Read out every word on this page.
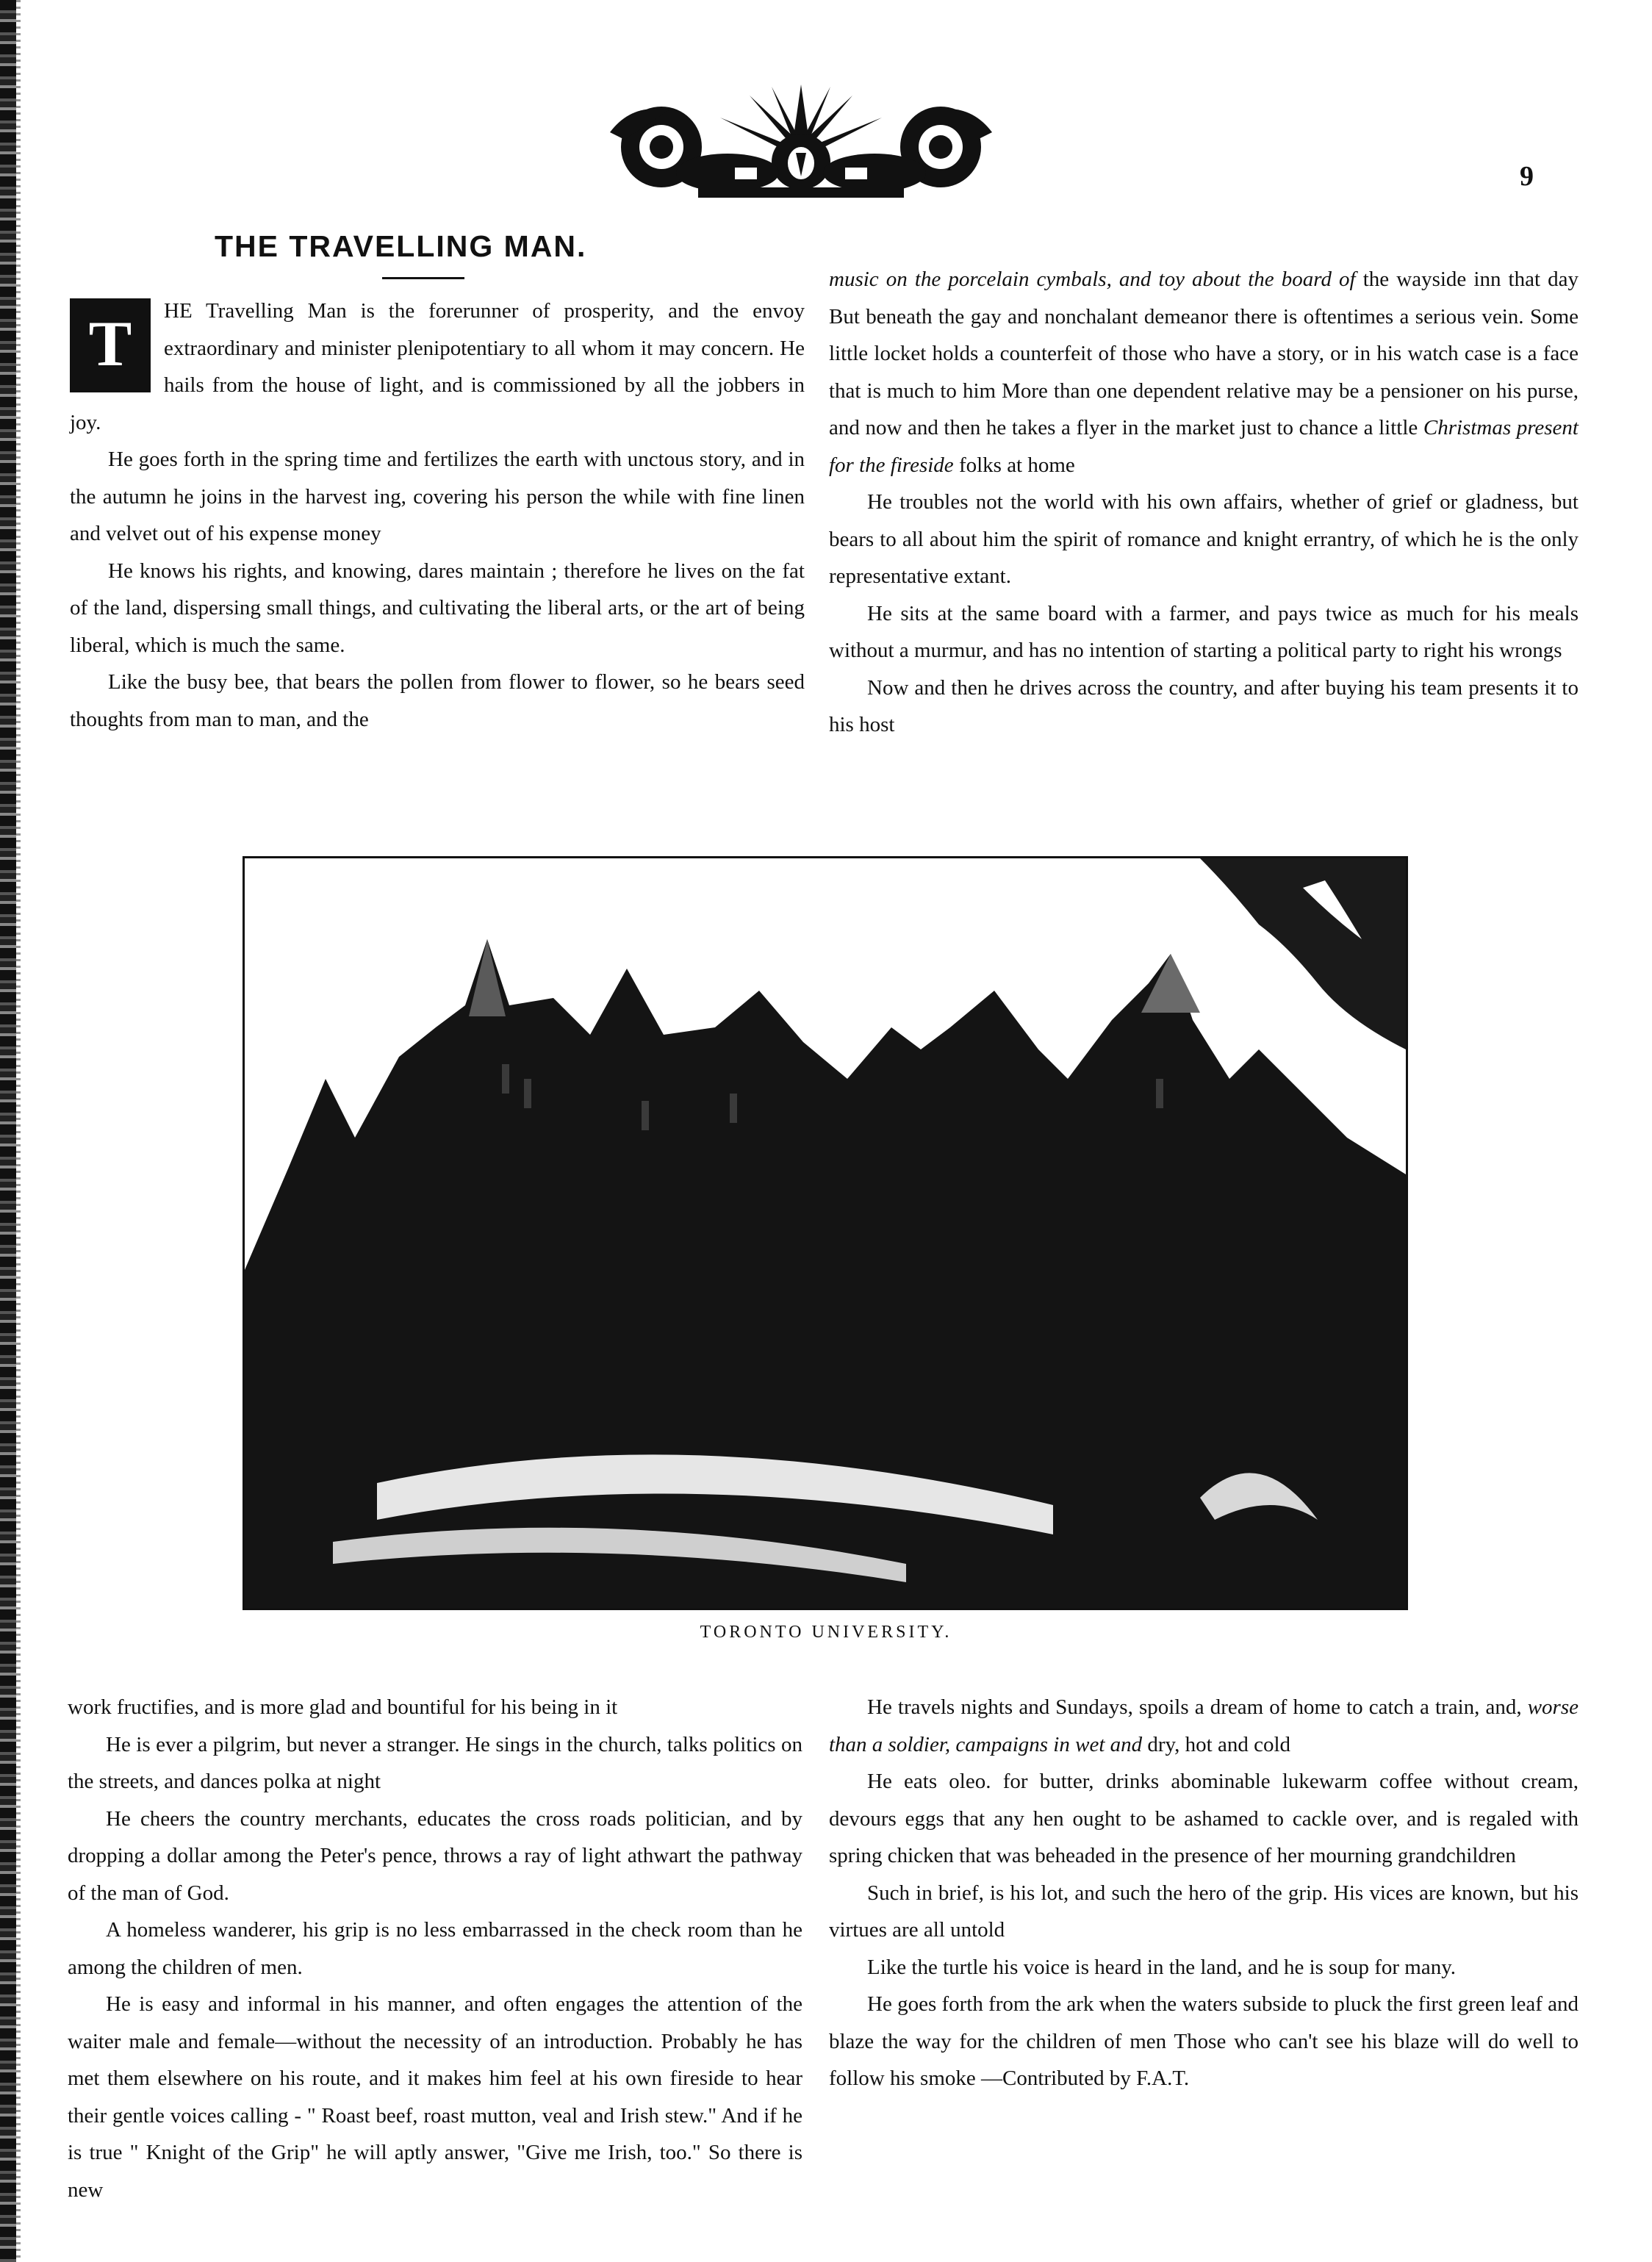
9
THE TRAVELLING MAN.

T	HE Travelling Man is the forerunner of prosperity, and the envoy extraordinary and minister plenipotentiary to all whom it may concern. He hails from the house of light, and is commissioned by all the jobbers in joy.

He goes forth in the spring time and fertilizes the earth with unctous story, and in the autumn he joins in the harvest ing, covering his person the while with fine linen and velvet out of his expense money

He knows his rights, and knowing, dares maintain ; therefore he lives on the fat of the land, dispersing small things, and cultivating the liberal arts, or the art of being liberal, which is much the same.

Like the busy bee, that bears the pollen from flower to flower, so he bears seed thoughts from man to man, and the

music on the porcelain cymbals, and toy about the board of the wayside inn that day But beneath the gay and nonchalant demeanor there is oftentimes a serious vein. Some little locket holds a counterfeit of those who have a story, or in his watch case is a face that is much to him More than one dependent relative may be a pensioner on his purse, and now and then he takes a flyer in the market just to chance a little Christmas present for the fireside folks at home

He troubles not the world with his own affairs, whether of grief or gladness, but bears to all about him the spirit of romance and knight errantry, of which he is the only representative extant.

He sits at the same board with a farmer, and pays twice as much for his meals without a murmur, and has no intention of starting a political party to right his wrongs

Now and then he drives across the country, and after buying his team presents it to his host

TORONTO UNIVERSITY.

work fructifies, and is more glad and bountiful for his being in it

He is ever a pilgrim, but never a stranger. He sings in the church, talks politics on the streets, and dances polka at night

He cheers the country merchants, educates the cross roads politician, and by dropping a dollar among the Peter's pence, throws a ray of light athwart the pathway of the man of God.

A homeless wanderer, his grip is no less embarrassed in the check room than he among the children of men.

He is easy and informal in his manner, and often engages the attention of the waiter male and female—without the necessity of an introduction. Probably he has met them elsewhere on his route, and it makes him feel at his own fireside to hear their gentle voices calling - " Roast beef, roast mutton, veal and Irish stew." And if he is true " Knight of the Grip" he will aptly answer, "Give me Irish, too." So there is new

He travels nights and Sundays, spoils a dream of home to catch a train, and, worse than a soldier, campaigns in wet and dry, hot and cold

He eats oleo. for butter, drinks abominable lukewarm coffee without cream, devours eggs that any hen ought to be ashamed to cackle over, and is regaled with spring chicken that was beheaded in the presence of her mourning grandchildren

Such in brief, is his lot, and such the hero of the grip. His vices are known, but his virtues are all untold

Like the turtle his voice is heard in the land, and he is soup for many.

He goes forth from the ark when the waters subside to pluck the first green leaf and blaze the way for the children of men Those who can't see his blaze will do well to follow his smoke —Contributed by F.A.T.
